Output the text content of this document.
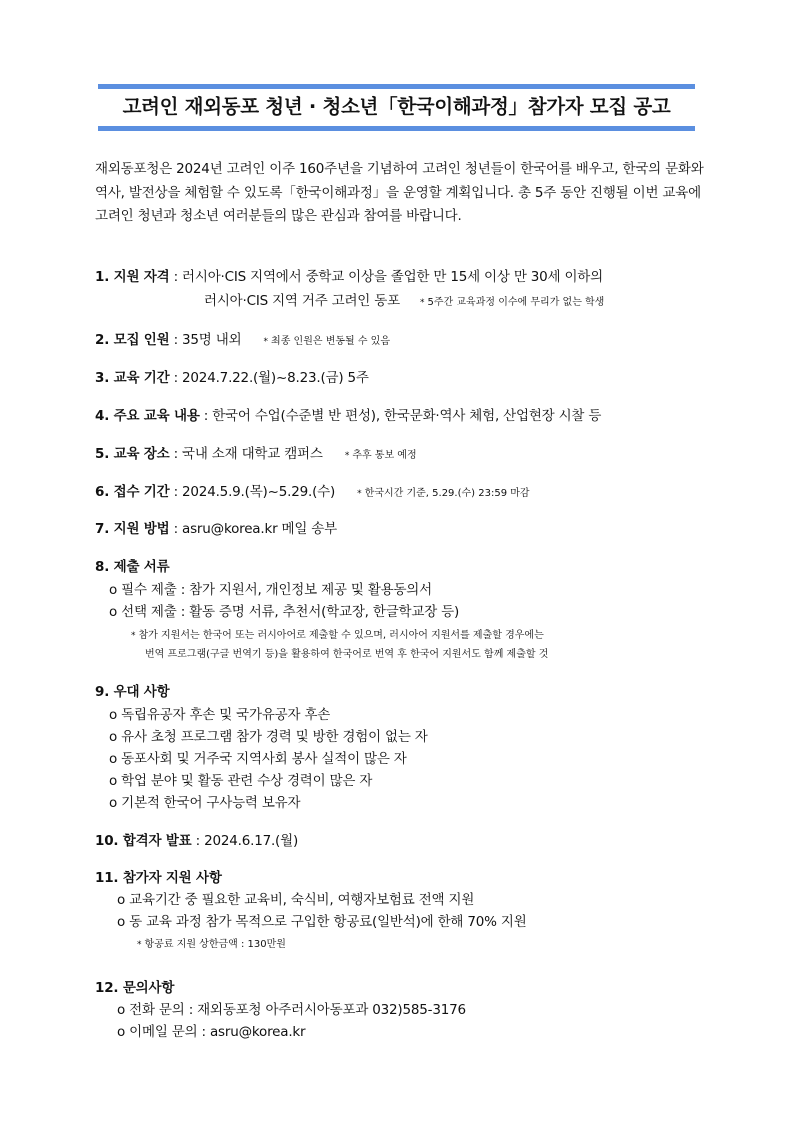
고려인 재외동포 청년 · 청소년「한국이해과정」참가자 모집 공고
재외동포청은 2024년 고려인 이주 160주년을 기념하여 고려인 청년들이 한국어를 배우고, 한국의 문화와 역사, 발전상을 체험할 수 있도록「한국이해과정」을 운영할 계획입니다. 총 5주 동안 진행될 이번 교육에 고려인 청년과 청소년 여러분들의 많은 관심과 참여를 바랍니다.
1. 지원 자격 : 러시아·CIS 지역에서 중학교 이상을 졸업한 만 15세 이상 만 30세 이하의
러시아·CIS 지역 거주 고려인 동포 * 5주간 교육과정 이수에 무리가 없는 학생
2. 모집 인원 : 35명 내외 * 최종 인원은 변동될 수 있음
3. 교육 기간 : 2024.7.22.(월)~8.23.(금) 5주
4. 주요 교육 내용 : 한국어 수업(수준별 반 편성), 한국문화·역사 체험, 산업현장 시찰 등
5. 교육 장소 : 국내 소재 대학교 캠퍼스 * 추후 통보 예정
6. 접수 기간 : 2024.5.9.(목)~5.29.(수) * 한국시간 기준, 5.29.(수) 23:59 마감
7. 지원 방법 : asru@korea.kr 메일 송부
8. 제출 서류
o 필수 제출 : 참가 지원서, 개인정보 제공 및 활용동의서
o 선택 제출 : 활동 증명 서류, 추천서(학교장, 한글학교장 등)
* 참가 지원서는 한국어 또는 러시아어로 제출할 수 있으며, 러시아어 지원서를 제출할 경우에는
번역 프로그램(구글 번역기 등)을 활용하여 한국어로 번역 후 한국어 지원서도 함께 제출할 것
9. 우대 사항
o 독립유공자 후손 및 국가유공자 후손
o 유사 초청 프로그램 참가 경력 및 방한 경험이 없는 자
o 동포사회 및 거주국 지역사회 봉사 실적이 많은 자
o 학업 분야 및 활동 관련 수상 경력이 많은 자
o 기본적 한국어 구사능력 보유자
10. 합격자 발표 : 2024.6.17.(월)
11. 참가자 지원 사항
o 교육기간 중 필요한 교육비, 숙식비, 여행자보험료 전액 지원
o 동 교육 과정 참가 목적으로 구입한 항공료(일반석)에 한해 70% 지원
* 항공료 지원 상한금액 : 130만원
12. 문의사항
o 전화 문의 : 재외동포청 아주러시아동포과 032)585-3176
o 이메일 문의 : asru@korea.kr
